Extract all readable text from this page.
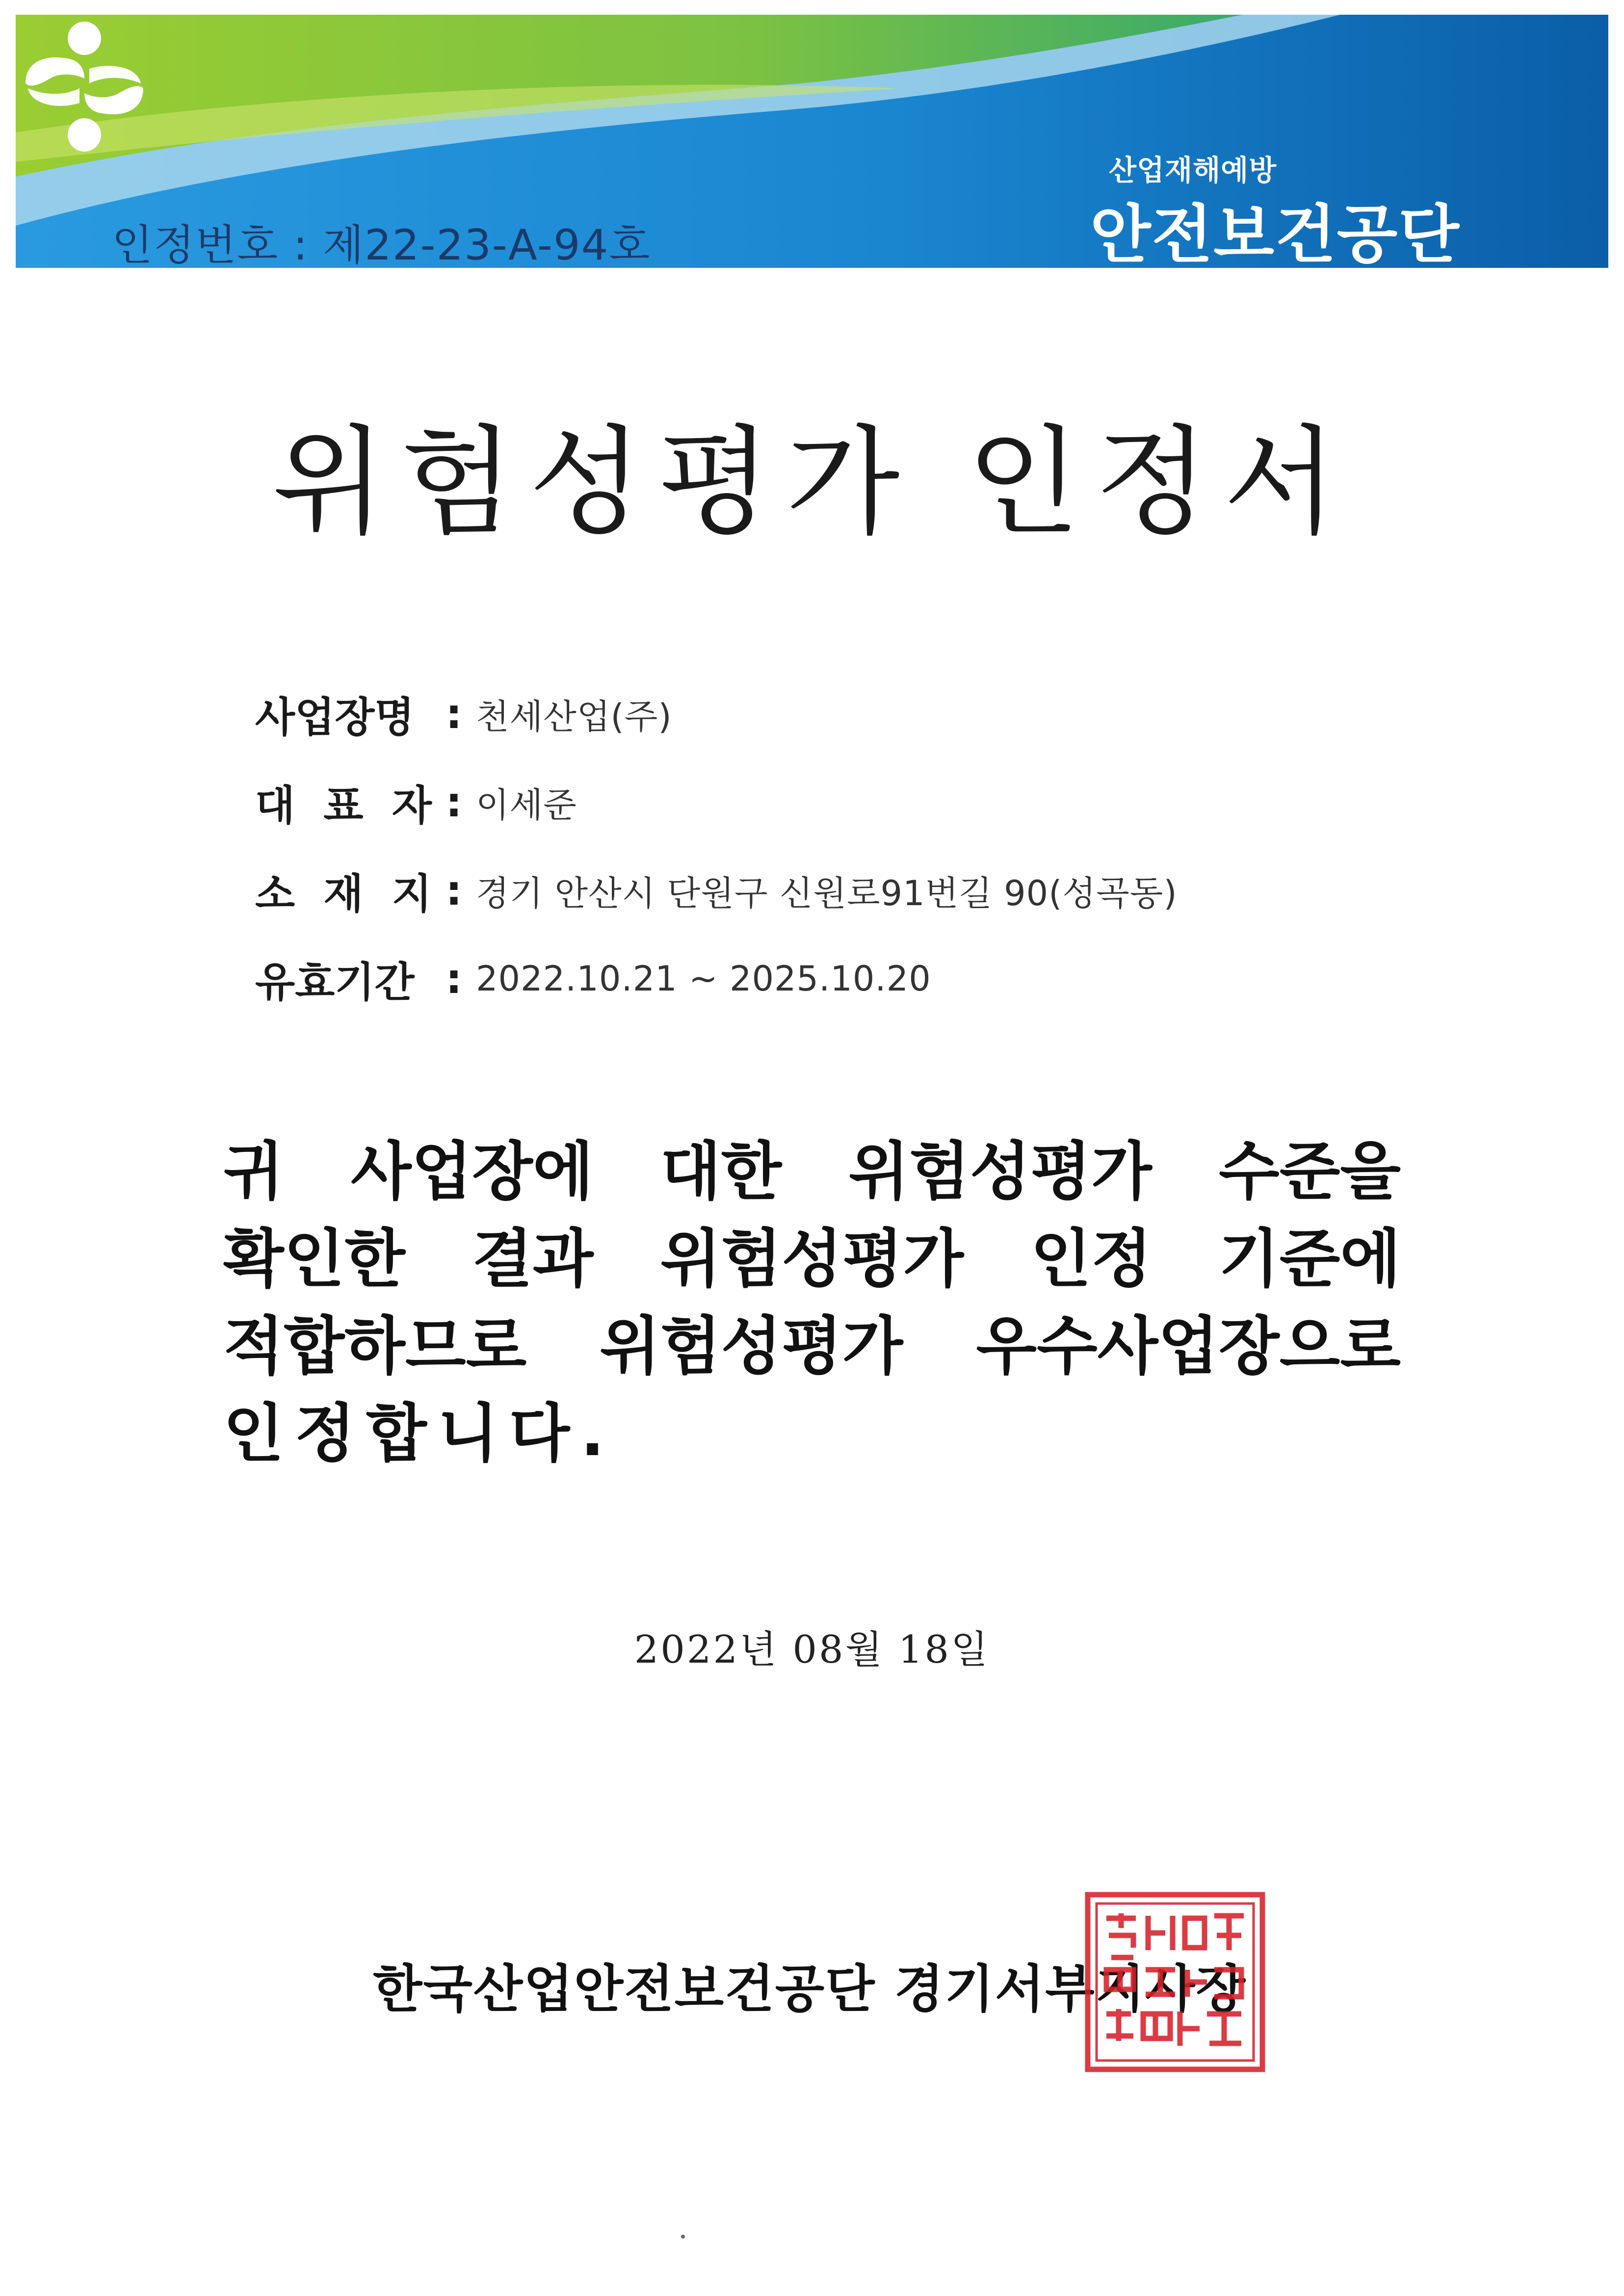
인정번호 : 제22-23-A-94호
산업재해예방
안전보건공단
위험성평가 인정서
사업장명 : 천세산업(주)
대 표 자 : 이세준
소 재 지 : 경기 안산시 단원구 신원로91번길 90(성곡동)
유효기간 : 2022.10.21 ~ 2025.10.20
귀 사업장에 대한 위험성평가 수준을
확인한 결과 위험성평가 인정 기준에
적합하므로 위험성평가 우수사업장으로
인정합니다.
2022년 08월 18일
한국산업안전보건공단 경기서부지사장
